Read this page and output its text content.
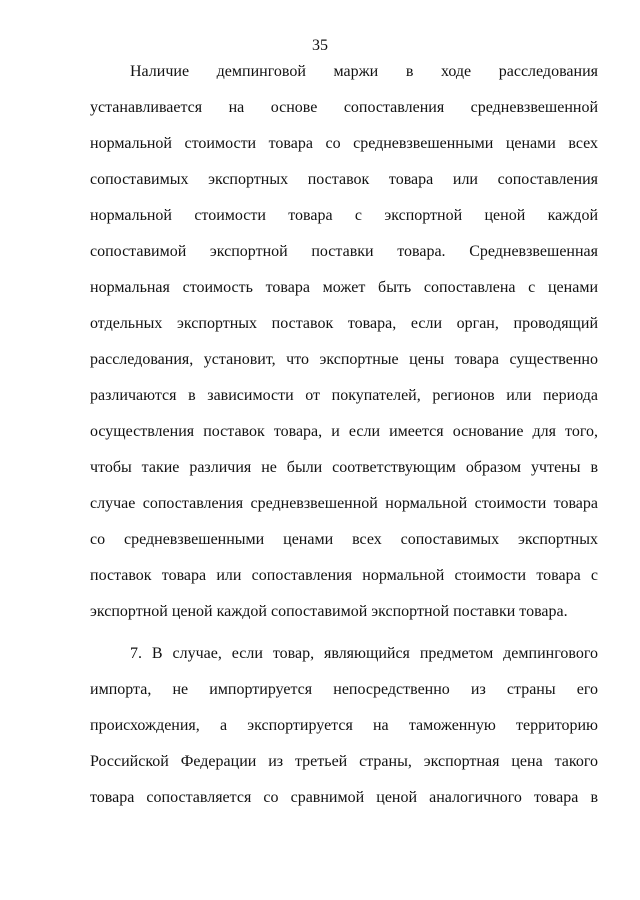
35
Наличие демпинговой маржи в ходе расследования
устанавливается на основе сопоставления средневзвешенной
нормальной стоимости товара со средневзвешенными ценами всех
сопоставимых экспортных поставок товара или сопоставления
нормальной стоимости товара с экспортной ценой каждой
сопоставимой экспортной поставки товара. Средневзвешенная
нормальная стоимость товара может быть сопоставлена с ценами
отдельных экспортных поставок товара, если орган, проводящий
расследования, установит, что экспортные цены товара существенно
различаются в зависимости от покупателей, регионов или периода
осуществления поставок товара, и если имеется основание для того,
чтобы такие различия не были соответствующим образом учтены в
случае сопоставления средневзвешенной нормальной стоимости товара
со средневзвешенными ценами всех сопоставимых экспортных
поставок товара или сопоставления нормальной стоимости товара с
экспортной ценой каждой сопоставимой экспортной поставки товара.
7. В случае, если товар, являющийся предметом демпингового
импорта, не импортируется непосредственно из страны его
происхождения, а экспортируется на таможенную территорию
Российской Федерации из третьей страны, экспортная цена такого
товара сопоставляется со сравнимой ценой аналогичного товара в
